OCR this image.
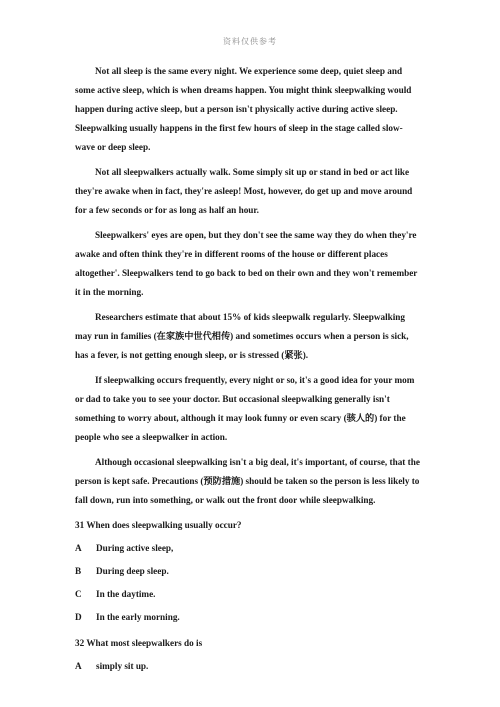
资料仅供参考

Not all sleep is the same every night. We experience some deep, quiet sleep and some active sleep, which is when dreams happen. You might think sleepwalking would happen during active sleep, but a person isn't physically active during active sleep. Sleepwalking usually happens in the first few hours of sleep in the stage called slow-wave or deep sleep.

Not all sleepwalkers actually walk. Some simply sit up or stand in bed or act like they're awake when in fact, they're asleep! Most, however, do get up and move around for a few seconds or for as long as half an hour.

Sleepwalkers' eyes are open, but they don't see the same way they do when they're awake and often think they're in different rooms of the house or different places altogether'. Sleepwalkers tend to go back to bed on their own and they won't remember it in the morning.

Researchers estimate that about 15% of kids sleepwalk regularly. Sleepwalking may run in families (在家族中世代相传) and sometimes occurs when a person is sick, has a fever, is not getting enough sleep, or is stressed (紧张).

If sleepwalking occurs frequently, every night or so, it's a good idea for your mom or dad to take you to see your doctor. But occasional sleepwalking generally isn't something to worry about, although it may look funny or even scary (骇人的) for the people who see a sleepwalker in action.

Although occasional sleepwalking isn't a big deal, it's important, of course, that the person is kept safe. Precautions (预防措施) should be taken so the person is less likely to fall down, run into something, or walk out the front door while sleepwalking.

31 When does sleepwalking usually occur?

A During active sleep,

B During deep sleep.

C In the daytime.

D In the early morning.

32 What most sleepwalkers do is

A simply sit up.
